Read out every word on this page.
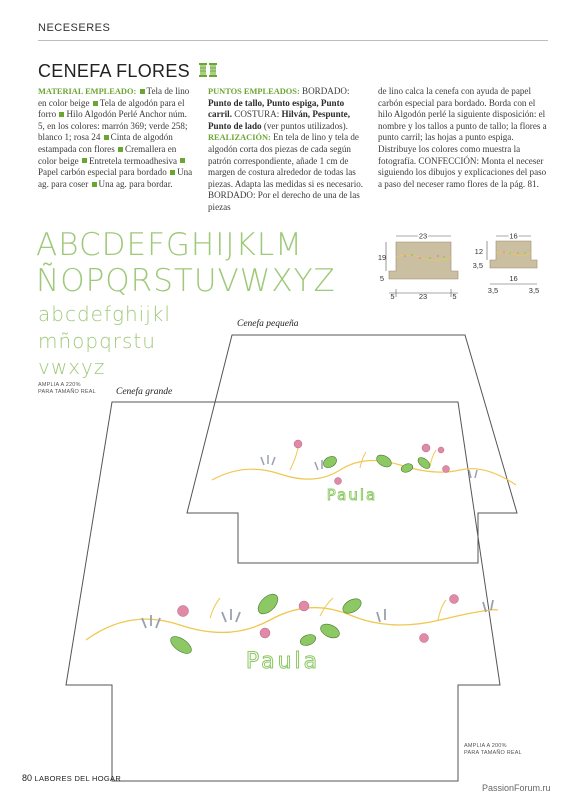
NECESERES
CENEFA FLORES
MATERIAL EMPLEADO: Tela de lino en color beige Tela de algodón para el forro Hilo Algodón Perlé Anchor núm. 5, en los colores: marrón 369; verde 258; blanco 1; rosa 24 Cinta de algodón estampada con flores Cremallera en color beige Entretela termoadhesiva Papel carbón especial para bordado Una ag. para coser Una ag. para bordar.
PUNTOS EMPLEADOS: BORDADO: Punto de tallo, Punto espiga, Punto carril. COSTURA: Hilván, Pespunte, Punto de lado (ver puntos utilizados). REALIZACIÓN: En tela de lino y tela de algodón corta dos piezas de cada según patrón correspondiente, añade 1 cm de margen de costura alrededor de todas las piezas. Adapta las medidas si es necesario. BORDADO: Por el derecho de una de las piezas
de lino calca la cenefa con ayuda de papel carbón especial para bordado. Borda con el hilo Algodón perlé la siguiente disposición: el nombre y los tallos a punto de tallo; la flores a punto carril; las hojas a punto espiga. Distribuye los colores como muestra la fotografía. CONFECCIÓN: Monta el neceser siguiendo los dibujos y explicaciones del paso a paso del neceser ramo flores de la pág. 81.
ABCDEFGHIJKLM
ÑOPQRSTUVWXYZ
abcdefghijkl
mñopqrstu
vwxyz
AMPLIA A 220%
PARA TAMAÑO REAL
23
19
5
5	23	5
16
12
3,5
16
3,5	3,5
Paula
Paula
Cenefa pequeña
Cenefa grande
AMPLIA A 200%
PARA TAMAÑO REAL
80 LABORES DEL HOGAR
PassionForum.ru
